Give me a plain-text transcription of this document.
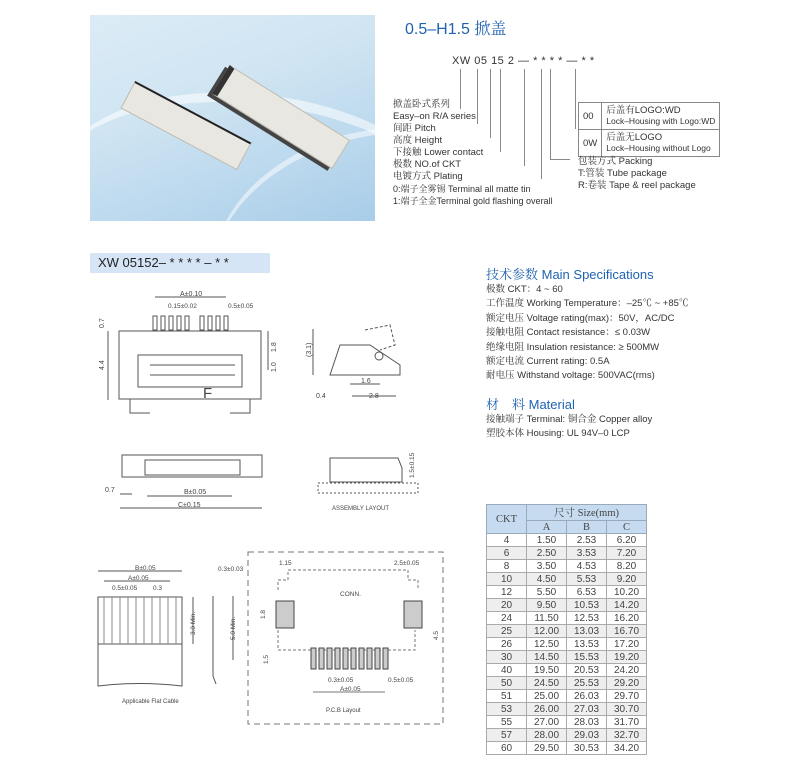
0.5–H1.5 掀盖
XW 05 15 2 — * * * * — * *
掀盖卧式系列
Easy–on R/A series
间距 Pitch
高度 Height
下接触 Lower contact
极数 NO.of CKT
电镀方式 Plating
0:端子全雾锡 Terminal all matte tin
1:端子全金Terminal gold flashing overall
00	后盖有LOGO:WD
Lock–Housing with Logo:WD

0W	后盖无LOGO
Lock–Housing without Logo
包装方式 Packing
T:管装 Tube package
R:卷装 Tape & reel package
XW 05152– * * * * – * *
A±0.10
0.15±0.02	0.5±0.05
0.7
4.4
1.8
1.0
F
(3.1)
1.6
0.4	2.8
0.7	B±0.05
C±0.15
1.5±0.15
ASSEMBLY LAYOUT
B±0.05
A±0.05
0.5±0.05 0.3
3.0 Min.
0.3±0.03
5.0 Min.
Applicable Flat Cable
1.15	2.5±0.05
CONN.
1.8
4.5
1.5
0.3±0.05	0.5±0.05
A±0.05
P.C.B Layout
技术参数 Main Specifications
极数 CKT：4 ~ 60
工作温度 Working Temperature：–25℃ ~ +85℃
额定电压 Voltage rating(max)：50V，AC/DC
接触电阻 Contact resistance：≤ 0.03W
绝缘电阻 Insulation resistance: ≥ 500MW
额定电流 Current rating: 0.5A
耐电压 Withstand voltage: 500VAC(rms)
材　料 Material
接触端子 Terminal: 铜合金 Copper alloy
塑胶本体 Housing: UL 94V–0 LCP
CKT	尺寸 Size(mm)		
	A	B	C
4	1.50	2.53	6.20
6	2.50	3.53	7.20
8	3.50	4.53	8.20
10	4.50	5.53	9.20
12	5.50	6.53	10.20
20	9.50	10.53	14.20
24	11.50	12.53	16.20
25	12.00	13.03	16.70
26	12.50	13.53	17.20
30	14.50	15.53	19.20
40	19.50	20.53	24.20
50	24.50	25.53	29.20
51	25.00	26.03	29.70
53	26.00	27.03	30.70
55	27.00	28.03	31.70
57	28.00	29.03	32.70
60	29.50	30.53	34.20
